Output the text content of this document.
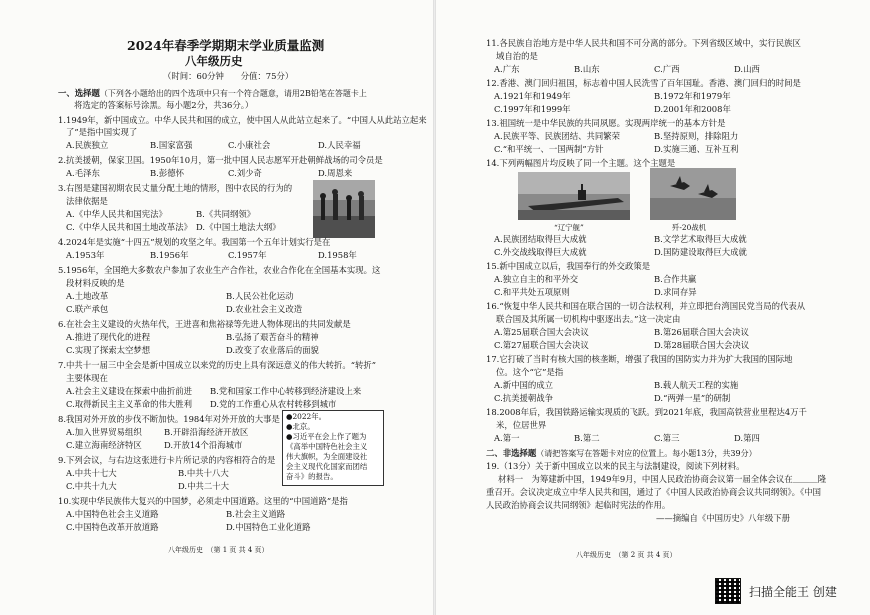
2024年春季学期期末学业质量监测
八年级历史
（时间：60分钟　　分值：75分）
一、选择题（下列各小题给出的四个选项中只有一个符合题意，请用2B铅笔在答题卡上
将选定的答案标号涂黑。每小题2分，共36分。）
1.1949年，新中国成立。中华人民共和国的成立，使中国人从此站立起来了。“中国人从此站立起来
了”是指中国实现了
A.民族独立	B.国家富强	C.小康社会	D.人民幸福
2.抗美援朝，保家卫国。1950年10月，第一批中国人民志愿军开赴朝鲜战场的司令员是
A.毛泽东	B.彭德怀	C.刘少奇	D.周恩来
3.右图是建国初期农民丈量分配土地的情形，图中农民的行为的
法律依据是
A.《中华人民共和国宪法》	B.《共同纲领》
C.《中华人民共和国土地改革法》 D.《中国土地法大纲》
4.2024年是实施“十四五”规划的攻坚之年。我国第一个五年计划实行是在
A.1953年	B.1956年	C.1957年	D.1958年
5.1956年，全国绝大多数农户参加了农业生产合作社，农业合作化在全国基本实现。这
段材料反映的是
A.土地改革	B.人民公社化运动
C.联产承包	D.农业社会主义改造
6.在社会主义建设的火热年代，王进喜和焦裕禄等先进人物体现出的共同发献是
A.推进了现代化的进程	B.弘扬了艰苦奋斗的精神
C.实现了探索太空梦想	D.改变了农业落后的面貌
7.中共十一届三中全会是新中国成立以来党的历史上具有深远意义的伟大转折。“转折”
主要体现在
A.社会主义建设在探索中曲折前进 B.党和国家工作中心转移到经济建设上来
C.取得新民主主义革命的伟大胜利 D.党的工作重心从农村转移到城市
8.我国对外开放的步伐不断加快。1984年对外开放的大事是
A.加入世界贸易组织	B.开辟沿海经济开放区
C.建立海南经济特区	D.开放14个沿海城市
●2022年。
●北京。
●习近平在会上作了题为
《高举中国特色社会主义
伟大旗帜，为全面建设社
会主义现代化国家而团结
奋斗》的报告。
9.下列会议，与右边这张进行卡片所记录的内容相符合的是
A.中共十七大	B.中共十八大
C.中共十九大	D.中共二十大
10.实现中华民族伟大复兴的中国梦，必须走中国道路。这里的“中国道路”是指
A.中国特色社会主义道路	B.社会主义道路
C.中国特色改革开放道路	D.中国特色工业化道路
八年级历史　（第 1 页 共 4 页）
11.各民族自治地方是中华人民共和国不可分离的部分。下列省级区域中，实行民族区
域自治的是
A.广东	B.山东	C.广西	D.山西
12.香港、澳门回归祖国，标志着中国人民洗雪了百年国耻。香港、澳门回归的时间是
A.1921年和1949年	B.1972年和1979年
C.1997年和1999年	D.2001年和2008年
13.祖国统一是中华民族的共同夙愿。实现两岸统一的基本方针是
A.民族平等、民族团结、共同繁荣	B.坚持原则，排除阻力
C.“和平统一、一国两制”方针	D.实施三通、互补互利
14.下列两幅图片均反映了同一个主题。这个主题是
“辽宁舰”	歼-20战机
A.民族团结取得巨大成就	B.文学艺术取得巨大成就
C.外交战线取得巨大成就	D.国防建设取得巨大成就
15.新中国成立以后，我国奉行的外交政策是
A.独立自主的和平外交	B.合作共赢
C.和平共处五项原则	D.求同存异
16.“恢复中华人民共和国在联合国的一切合法权利，并立即把台湾国民党当局的代表从
联合国及其所属一切机构中驱逐出去。”这一决定由
A.第25届联合国大会决议	B.第26届联合国大会决议
C.第27届联合国大会决议	D.第28届联合国大会决议
17.它打破了当时有核大国的核垄断，增强了我国的国防实力并为扩大我国的国际地
位。这个“它”是指
A.新中国的成立	B.载人航天工程的实施
C.抗美援朝战争	D.“两弹一星”的研制
18.2008年后，我国铁路运输实现质的飞跃。到2021年底，我国高铁营业里程达4万千
米，位居世界
A.第一	B.第二	C.第三	D.第四
二、非选择题（请把答案写在答题卡对应的位置上。每小题13分，共39分）
19.（13分）关于新中国成立以来的民主与法制建设，阅读下列材料。
材料一　为筹建新中国，1949年9月，中国人民政治协商会议第一届全体会议在＿＿＿隆
重召开。会议决定成立中华人民共和国，通过了《中国人民政治协商会议共同纲领》。《中国
人民政治协商会议共同纲领》起临时宪法的作用。
——摘编自《中国历史》八年级下册
八年级历史　（第 2 页 共 4 页）
扫描全能王 创建
